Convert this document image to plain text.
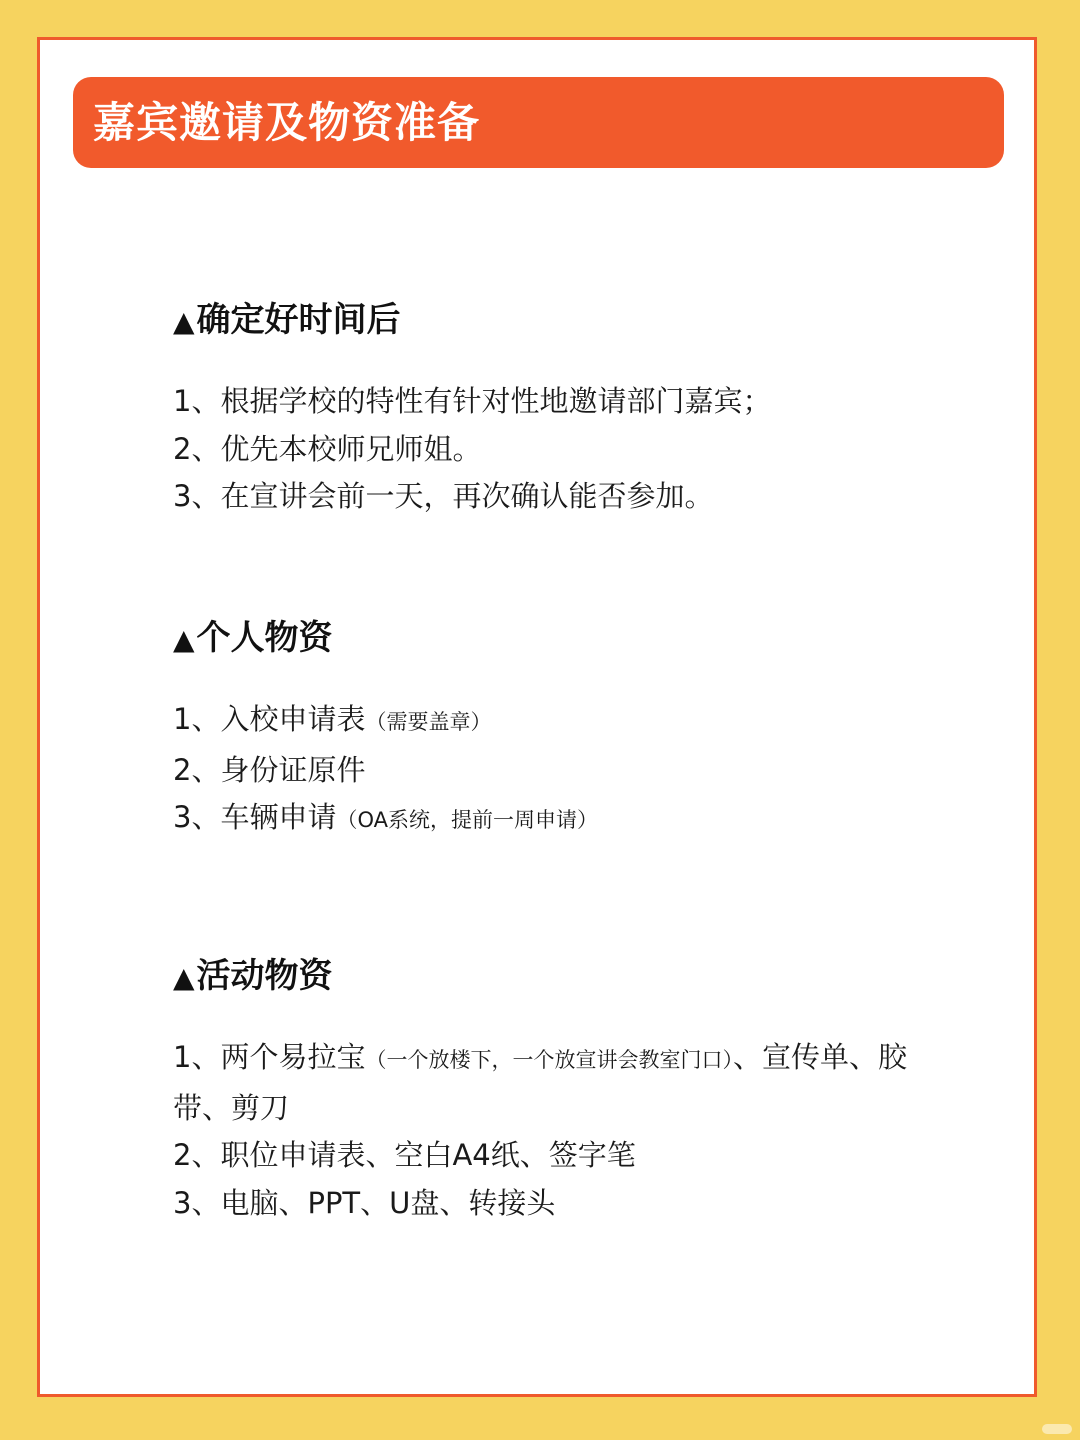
嘉宾邀请及物资准备
▲确定好时间后
1、根据学校的特性有针对性地邀请部门嘉宾；
2、优先本校师兄师姐。
3、在宣讲会前一天，再次确认能否参加。
▲个人物资
1、入校申请表（需要盖章）
2、身份证原件
3、车辆申请（OA系统，提前一周申请）
▲活动物资
1、两个易拉宝（一个放楼下，一个放宣讲会教室门口）、宣传单、胶带、剪刀
2、职位申请表、空白A4纸、签字笔
3、电脑、PPT、U盘、转接头
